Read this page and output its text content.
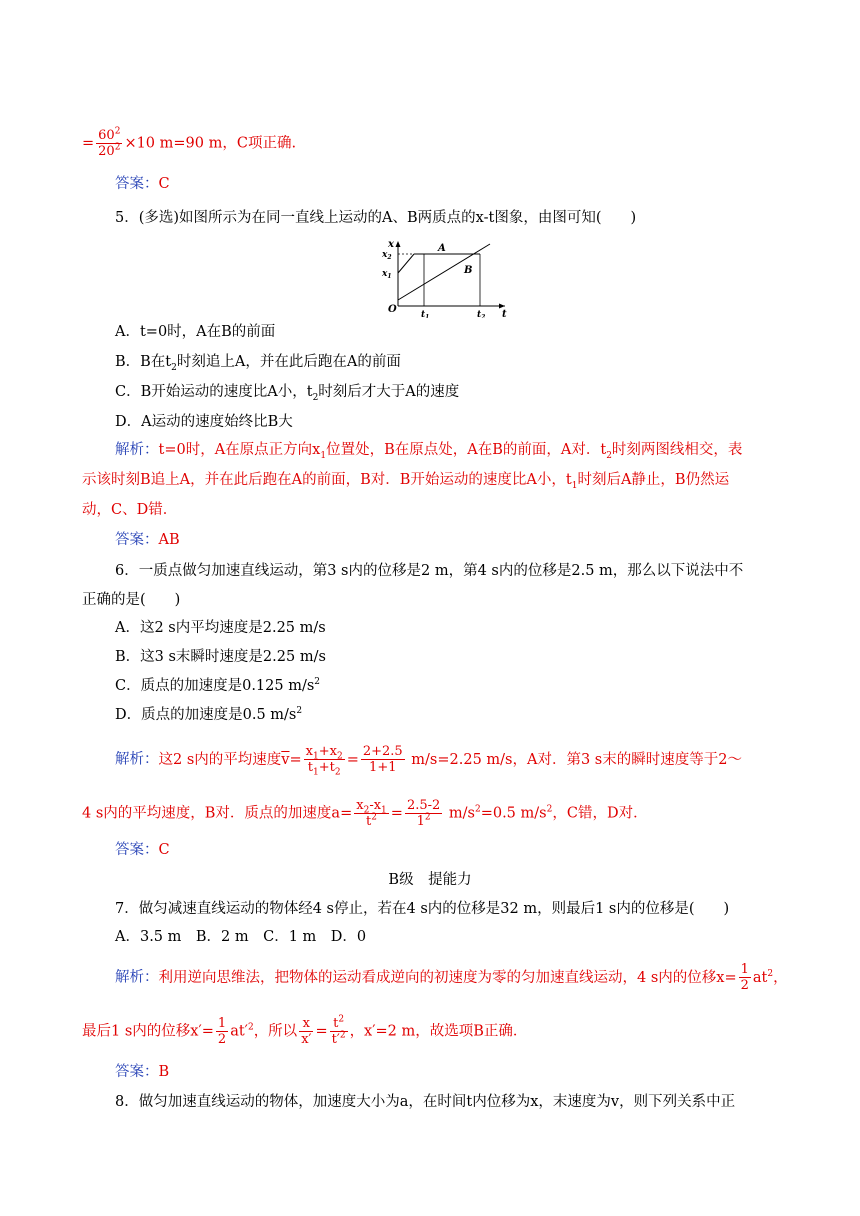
= $\frac{60^2}{20^2} \times 10$ m=90 m，C项正确.
答案：C
5．(多选)如图所示为在同一直线上运动的A、B两质点的x-t图象，由图可知(　　)
x
$x_2$
$x_1$
O	$t_1$	$t_2$ t
A
B
A．t=0时，A在B的前面
B．B在$t_2$时刻追上A，并在此后跑在A的前面
C．B开始运动的速度比A小，$t_2$时刻后才大于A的速度
D．A运动的速度始终比B大
解析：t=0时，A在原点正方向$x_1$位置处，B在原点处，A在B的前面，A对．$t_2$时刻两图线相交，表
示该时刻B追上A，并在此后跑在A的前面，B对．B开始运动的速度比A小，$t_1$时刻后A静止，B仍然运
动，C、D错．
答案：AB
6．一质点做匀加速直线运动，第3 s内的位移是2 m，第4 s内的位移是2.5 m，那么以下说法中不
正确的是(　　)
A．这2 s内平均速度是2.25 m/s
B．这3 s末瞬时速度是2.25 m/s
C．质点的加速度是0.125 $m/s^2$
D．质点的加速度是0.5 $m/s^2$
解析：这2 s内的平均速度$\overline{v}= \frac{x_1+x_2}{t_1+t_2} = \frac{2+2.5}{1+1} m/s=2.25$ m/s，A对．第3 s末的瞬时速度等于2～
4 s内的平均速度，B对．质点的加速度$a= \frac{x_2-x_1}{t^2} = \frac{2.5-2}{1^2} m/s^2=0.5$ $m/s^2$，C错，D对．
答案：C
B级　提能力
7．做匀减速直线运动的物体经4 s停止，若在4 s内的位移是32 m，则最后1 s内的位移是(　　)
A．3.5 m　B．2 m　C．1 m　D．0
解析：利用逆向思维法，把物体的运动看成逆向的初速度为零的匀加速直线运动，4 s内的位移$x= \frac{1}{2} at^2$，
最后1 s内的位移$x'= \frac{1}{2} at'^2$，所以 $\frac{x}{x'} = \frac{t^2}{t'^2}$ ，x′=2 m，故选项B正确．
答案：B
8．做匀加速直线运动的物体，加速度大小为a，在时间t内位移为x，末速度为v，则下列关系中正
